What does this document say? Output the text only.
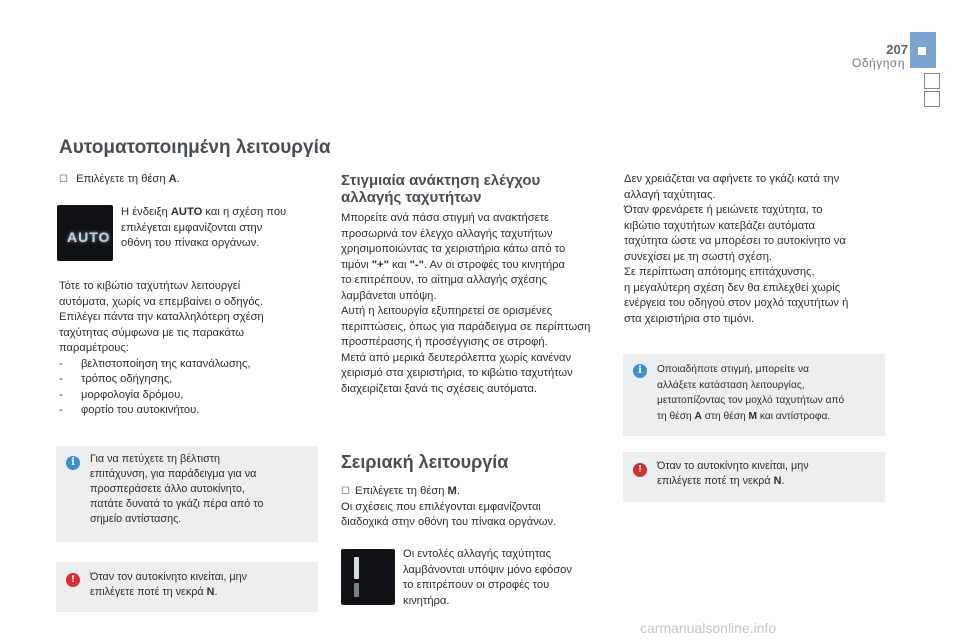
207
Οδήγηση
Αυτοματοποιημένη λειτουργία
☐ Επιλέγετε τη θέση A.
AUTO
Η ένδειξη AUTO και η σχέση που
επιλέγεται εμφανίζονται στην
οθόνη του πίνακα οργάνων.
Τότε το κιβώτιο ταχυτήτων λειτουργεί
αυτόματα, χωρίς να επεμβαίνει ο οδηγός.
Επιλέγει πάντα την καταλληλότερη σχέση
ταχύτητας σύμφωνα με τις παρακάτω
παραμέτρους:
- βελτιστοποίηση της κατανάλωσης,
- τρόπος οδήγησης,
- μορφολογία δρόμου,
- φορτίο του αυτοκινήτου.
i	Για να πετύχετε τη βέλτιστη
επιτάχυνση, για παράδειγμα για να
προσπεράσετε άλλο αυτοκίνητο,
πατάτε δυνατά το γκάζι πέρα από το
σημείο αντίστασης.
!	Όταν τον αυτοκίνητο κινείται, μην
επιλέγετε ποτέ τη νεκρά N.
Στιγμιαία ανάκτηση ελέγχου
αλλαγής ταχυτήτων
Μπορείτε ανά πάσα στιγμή να ανακτήσετε
προσωρινά τον έλεγχο αλλαγής ταχυτήτων
χρησιμοποιώντας τα χειριστήρια κάτω από το
τιμόνι "+" και "-". Αν οι στροφές του κινητήρα
το επιτρέπουν, το αίτημα αλλαγής σχέσης
λαμβάνεται υπόψη.
Αυτή η λειτουργία εξυπηρετεί σε ορισμένες
περιπτώσεις, όπως για παράδειγμα σε περίπτωση
προσπέρασης ή προσέγγισης σε στροφή.
Μετά από μερικά δευτερόλεπτα χωρίς κανέναν
χειρισμό στα χειριστήρια, το κιβώτιο ταχυτήτων
διαχειρίζεται ξανά τις σχέσεις αυτόματα.
Σειριακή λειτουργία
☐ Επιλέγετε τη θέση M.
Οι σχέσεις που επιλέγονται εμφανίζονται
διαδοχικά στην οθόνη του πίνακα οργάνων.
Οι εντολές αλλαγής ταχύτητας
λαμβάνονται υπόψιν μόνο εφόσον
το επιτρέπουν οι στροφές του
κινητήρα.
Δεν χρειάζεται να αφήνετε το γκάζι κατά την
αλλαγή ταχύτητας.
Όταν φρενάρετε ή μειώνετε ταχύτητα, το
κιβώτιο ταχυτήτων κατεβάζει αυτόματα
ταχύτητα ώστε να μπορέσει το αυτοκίνητο να
συνεχίσει με τη σωστή σχέση.
Σε περίπτωση απότομης επιτάχυνσης,
η μεγαλύτερη σχέση δεν θα επιλεχθεί χωρίς
ενέργεια του οδηγού στον μοχλό ταχυτήτων ή
στα χειριστήρια στο τιμόνι.
i	Οποιαδήποτε στιγμή, μπορείτε να
αλλάξετε κατάσταση λειτουργίας,
μετατοπίζοντας τον μοχλό ταχυτήτων από
τη θέση A στη θέση M και αντίστροφα.
!	Όταν το αυτοκίνητο κινείται, μην
επιλέγετε ποτέ τη νεκρά N.
carmanualsonline.info
